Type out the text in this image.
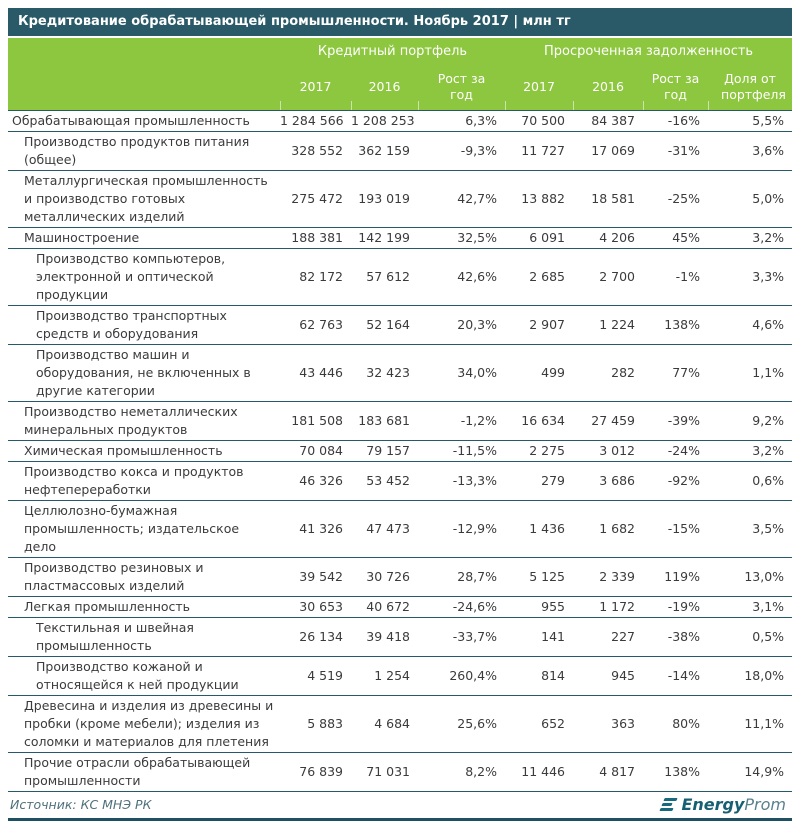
Кредитование обрабатывающей промышленности. Ноябрь 2017 | млн тг
	Кредитный портфель			Просроченная задолженность			
	2017	2016	Рост за год	2017	2016	Рост за год	Доля от портфеля
Обрабатывающая промышленность	1 284 566	1 208 253	6,3%	70 500	84 387	-16%	5,5%
Производство продуктов питания (общее)	328 552	362 159	-9,3%	11 727	17 069	-31%	3,6%
Металлургическая промышленность и производство готовых металлических изделий	275 472	193 019	42,7%	13 882	18 581	-25%	5,0%
Машиностроение	188 381	142 199	32,5%	6 091	4 206	45%	3,2%
Производство компьютеров, электронной и оптической продукции	82 172	57 612	42,6%	2 685	2 700	-1%	3,3%
Производство транспортных средств и оборудования	62 763	52 164	20,3%	2 907	1 224	138%	4,6%
Производство машин и оборудования, не включенных в другие категории	43 446	32 423	34,0%	499	282	77%	1,1%
Производство неметаллических минеральных продуктов	181 508	183 681	-1,2%	16 634	27 459	-39%	9,2%
Химическая промышленность	70 084	79 157	-11,5%	2 275	3 012	-24%	3,2%
Производство кокса и продуктов нефтепереработки	46 326	53 452	-13,3%	279	3 686	-92%	0,6%
Целлюлозно-бумажная промышленность; издательское дело	41 326	47 473	-12,9%	1 436	1 682	-15%	3,5%
Производство резиновых и пластмассовых изделий	39 542	30 726	28,7%	5 125	2 339	119%	13,0%
Легкая промышленность	30 653	40 672	-24,6%	955	1 172	-19%	3,1%
Текстильная и швейная промышленность	26 134	39 418	-33,7%	141	227	-38%	0,5%
Производство кожаной и относящейся к ней продукции	4 519	1 254	260,4%	814	945	-14%	18,0%
Древесина и изделия из древесины и пробки (кроме мебели); изделия из соломки и материалов для плетения	5 883	4 684	25,6%	652	363	80%	11,1%
Прочие отрасли обрабатывающей промышленности	76 839	71 031	8,2%	11 446	4 817	138%	14,9%
Источник: КС МНЭ РК	Energy Prom
